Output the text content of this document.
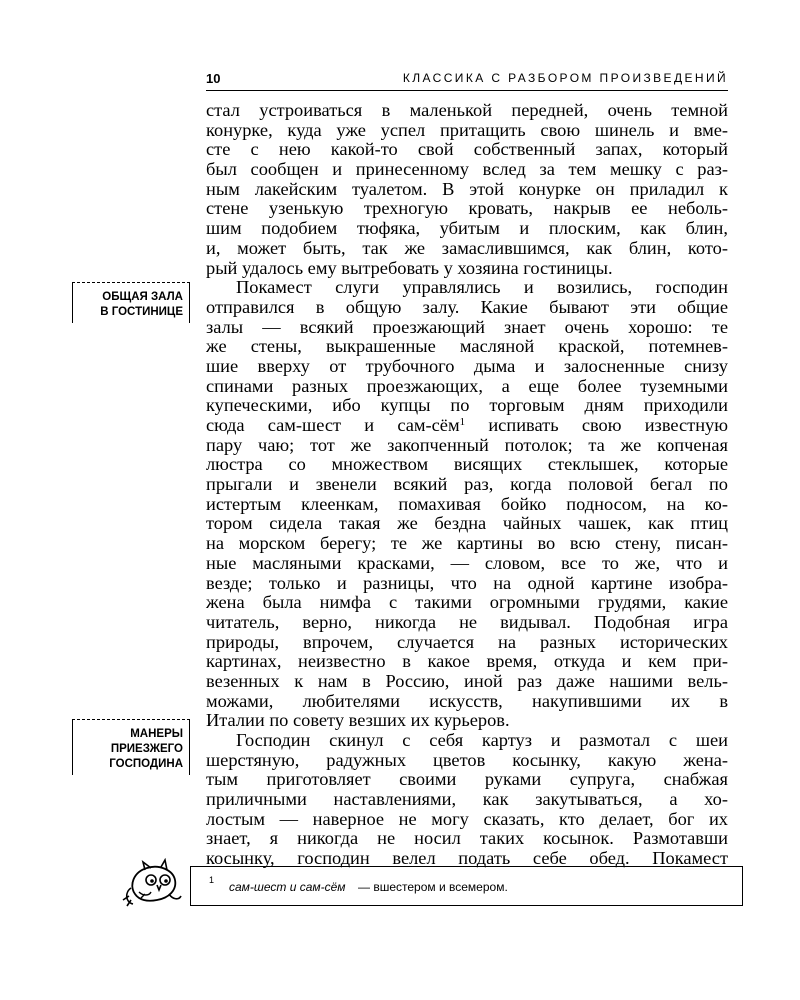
10	КЛАССИКА С РАЗБОРОМ ПРОИЗВЕДЕНИЙ
стал устроиваться в маленькой передней, очень темной
конурке, куда уже успел притащить свою шинель и вме-
сте с нею какой-то свой собственный запах, который
был сообщен и принесенному вслед за тем мешку с раз-
ным лакейским туалетом. В этой конурке он приладил к
стене узенькую трехногую кровать, накрыв ее неболь-
шим подобием тюфяка, убитым и плоским, как блин,
и, может быть, так же замаслившимся, как блин, кото-
рый удалось ему вытребовать у хозяина гостиницы.
Покамест слуги управлялись и возились, господин
отправился в общую залу. Какие бывают эти общие
залы — всякий проезжающий знает очень хорошо: те
же стены, выкрашенные масляной краской, потемнев-
шие вверху от трубочного дыма и залосненные снизу
спинами разных проезжающих, а еще более туземными
купеческими, ибо купцы по торговым дням приходили
сюда сам-шест и сам-сём$^1$ испивать свою известную
пару чаю; тот же закопченный потолок; та же копченая
люстра со множеством висящих стеклышек, которые
прыгали и звенели всякий раз, когда половой бегал по
истертым клеенкам, помахивая бойко подносом, на ко-
тором сидела такая же бездна чайных чашек, как птиц
на морском берегу; те же картины во всю стену, писан-
ные масляными красками, — словом, все то же, что и
везде; только и разницы, что на одной картине изобра-
жена была нимфа с такими огромными грудями, какие
читатель, верно, никогда не видывал. Подобная игра
природы, впрочем, случается на разных исторических
картинах, неизвестно в какое время, откуда и кем при-
везенных к нам в Россию, иной раз даже нашими вель-
можами, любителями искусств, накупившими их в
Италии по совету везших их курьеров.
Господин скинул с себя картуз и размотал с шеи
шерстяную, радужных цветов косынку, какую жена-
тым приготовляет своими руками супруга, снабжая
приличными наставлениями, как закутываться, а хо-
лостым — наверное не могу сказать, кто делает, бог их
знает, я никогда не носил таких косынок. Размотавши
косынку, господин велел подать себе обед. Покамест
ОБЩАЯ ЗАЛА
В ГОСТИНИЦЕ
МАНЕРЫ
ПРИЕЗЖЕГО
ГОСПОДИНА
1 сам-шест и сам-сём — вшестером и всемером.
